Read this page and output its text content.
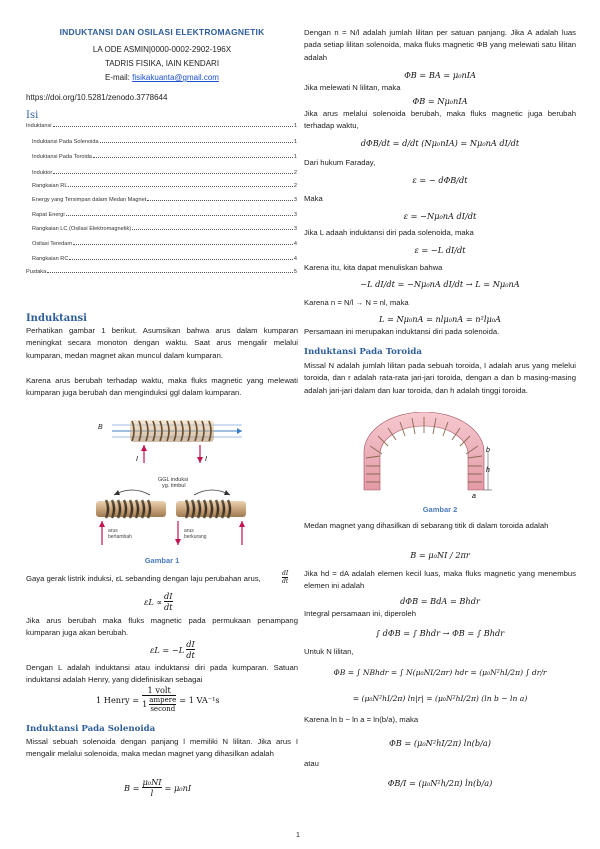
INDUKTANSI DAN OSILASI ELEKTROMAGNETIK
LA ODE ASMIN|0000-0002-2902-196X
TADRIS FISIKA, IAIN KENDARI
E-mail: fisikakuanta@gmail.com
https://doi.org/10.5281/zenodo.3778644
Isi
Induktansi	1
Induktansi Pada Solenoida	1
Induktansi Pada Toroida	1
Induktor	2
Rangkaian RL	2
Energy yang Tersimpan dalam Medan Magnet	3
Rapat Energi	3
Rangkaian LC (Osilasi Elektromagnetik)	3
Osilasi Teredam	4
Rangkaian RC	4
Pustaka	5
Induktansi
Perhatikan gambar 1 berikut. Asumsikan bahwa arus dalam kumparan meningkat secara monoton dengan waktu. Saat arus mengalir melalui kumparan, medan magnet akan muncul dalam kumparan.
Karena arus berubah terhadap waktu, maka fluks magnetic yang melewati kumparan juga berubah dan menginduksi ggl dalam kumparan.
B
I	I
GGL induksi
yg. timbul
arus
bertambah
arus
berkurang
Gambar 1
Gaya gerak listrik induksi, εL sebanding dengan laju perubahan arus,	$\frac{dI}{dt}$
$\varepsilon L \propto \frac{dI}{dt}$
Jika arus berubah maka fluks magnetic pada permukaan penampang kumparan juga akan berubah.
$\varepsilon L = -L \frac{dI}{dt}$
Dengan L adalah induktansi atau induktansi diri pada kumparan. Satuan induktansi adalah Henry, yang didefinisikan sebagai
1 Henry =
1 volt
1 ampere
second
= 1 VA⁻¹s
Induktansi Pada Solenoida
Missal sebuah solenoida dengan panjang l memiliki N lilitan. Jika arus I mengalir melalui solenoida, maka medan magnet yang dihasilkan adalah
$B = \frac{\text{μ₀NI}}{l} = \mu_0nI$
Dengan n = N/l adalah jumlah lilitan per satuan panjang. Jika A adalah luas pada setiap lilitan solenoida, maka fluks magnetic ΦB yang melewati satu lilitan adalah
ΦB = BA = μ₀nIA
Jika melewati N lilitan, maka
ΦB = Nμ₀nIA
Jika arus melalui solenoida berubah, maka fluks magnetic juga berubah terhadap waktu,
dΦB/dt = d/dt (Nμ₀nIA) = Nμ₀nA dI/dt
Dari hukum Faraday,
ε = − dΦB/dt
Maka
ε = −Nμ₀nA dI/dt
Jika L adaah induktansi diri pada solenoida, maka
ε = −L dI/dt
Karena itu, kita dapat menuliskan bahwa
−L dI/dt = −Nμ₀nA dI/dt → L = Nμ₀nA
Karena n = N/l → N = nl, maka
L = Nμ₀nA = nlμ₀nA = n²lμ₀A
Persamaan ini merupakan induktansi diri pada solenoida.
Induktansi Pada Toroida
Missal N adalah jumlah lilitan pada sebuah toroida, I adalah arus yang melelui toroida, dan r adalah rata-rata jari-jari toroida, dengan a dan b masing-masing adalah jari-jari dalam dan luar toroida, dan h adalah tinggi toroida.
b
h
a
Gambar 2
Medan magnet yang dihasilkan di sebarang titik di dalam toroida adalah
B = μ₀NI / 2πr
Jika hd = dA adalah elemen kecil luas, maka fluks magnetic yang menembus elemen ini adalah
dΦB = BdA = Bhdr
Integral persamaan ini, diperoleh
∫ dΦB = ∫ Bhdr → ΦB = ∫ Bhdr
Untuk N lilitan,
ΦB = ∫ NBhdr = ∫ N(μ₀NI/2πr) hdr = (μ₀N²hI/2π) ∫ dr/r
= (μ₀N²hI/2π) ln|r| = (μ₀N²hI/2π) (ln b − ln a)
Karena ln b − ln a = ln(b/a), maka
ΦB = (μ₀N²hI/2π) ln(b/a)
atau
ΦB/I = (μ₀N²h/2π) ln(b/a)
1
